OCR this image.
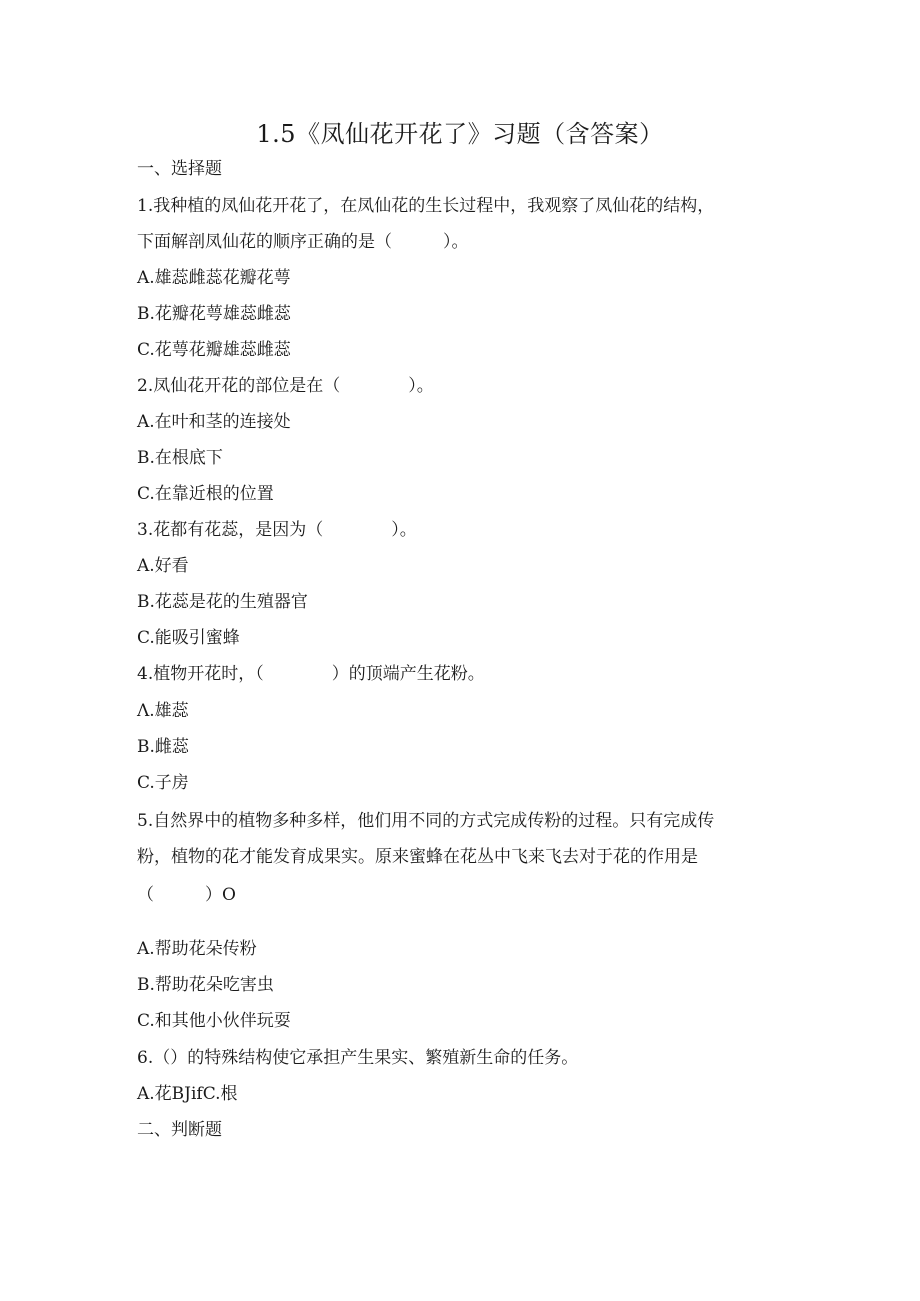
1.5《凤仙花开花了》习题（含答案）
一、选择题
1.我种植的凤仙花开花了，在凤仙花的生长过程中，我观察了凤仙花的结构，
下面解剖凤仙花的顺序正确的是（　　　）。
A.雄蕊雌蕊花瓣花萼
B.花瓣花萼雄蕊雌蕊
C.花萼花瓣雄蕊雌蕊
2.凤仙花开花的部位是在（　　　　）。
A.在叶和茎的连接处
B.在根底下
C.在靠近根的位置
3.花都有花蕊，是因为（　　　　）。
A.好看
B.花蕊是花的生殖器官
C.能吸引蜜蜂
4.植物开花时，（　　　　）的顶端产生花粉。
Λ.雄蕊
B.雌蕊
C.子房
5.自然界中的植物多种多样，他们用不同的方式完成传粉的过程。只有完成传
粉，植物的花才能发育成果实。原来蜜蜂在花丛中飞来飞去对于花的作用是
（　　　）O
A.帮助花朵传粉
B.帮助花朵吃害虫
C.和其他小伙伴玩耍
6.（）的特殊结构使它承担产生果实、繁殖新生命的任务。
A.花BJifC.根
二、判断题
